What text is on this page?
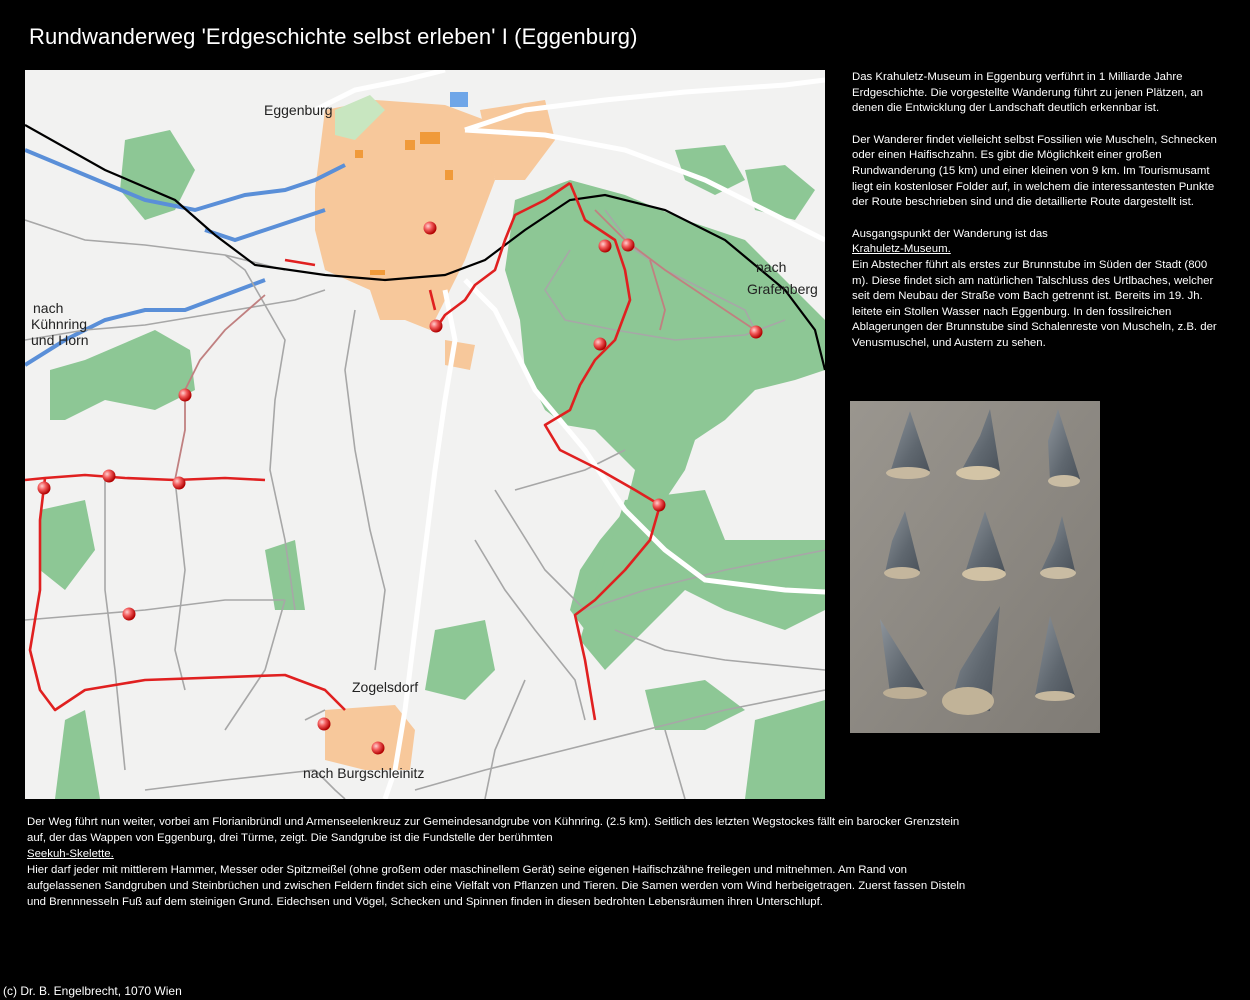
Rundwanderweg 'Erdgeschichte selbst erleben' I (Eggenburg)
Eggenburg
nach
Kühnring
und Horn
nach
Grafenberg
Zogelsdorf
nach Burgschleinitz

Das Krahuletz-Museum in Eggenburg verführt in 1 Milliarde Jahre Erdgeschichte. Die vorgestellte Wanderung führt zu jenen Plätzen, an denen die Entwicklung der Landschaft deutlich erkennbar ist.

Der Wanderer findet vielleicht selbst Fossilien wie Muscheln, Schnecken oder einen Haifischzahn. Es gibt die Möglichkeit einer großen Rundwanderung (15 km) und einer kleinen von 9 km. Im Tourismusamt liegt ein kostenloser Folder auf, in welchem die interessantesten Punkte der Route beschrieben sind und die detaillierte Route dargestellt ist.

Ausgangspunkt der Wanderung ist das
Krahuletz-Museum.
Ein Abstecher führt als erstes zur Brunnstube im Süden der Stadt (800 m). Diese findet sich am natürlichen Talschluss des Urtlbaches, welcher seit dem Neubau der Straße vom Bach getrennt ist. Bereits im 19. Jh. leitete ein Stollen Wasser nach Eggenburg. In den fossilreichen Ablagerungen der Brunnstube sind Schalenreste von Muscheln, z.B. der Venusmuschel, und Austern zu sehen.

Der Weg führt nun weiter, vorbei am Florianibründl und Armenseelenkreuz zur Gemeindesandgrube von Kühnring. (2.5 km). Seitlich des letzten Wegstockes fällt ein barocker Grenzstein auf, der das Wappen von Eggenburg, drei Türme, zeigt. Die Sandgrube ist die Fundstelle der berühmten

Seekuh-Skelette.

Hier darf jeder mit mittlerem Hammer, Messer oder Spitzmeißel (ohne großem oder maschinellem Gerät) seine eigenen Haifischzähne freilegen und mitnehmen. Am Rand von aufgelassenen Sandgruben und Steinbrüchen und zwischen Feldern findet sich eine Vielfalt von Pflanzen und Tieren. Die Samen werden vom Wind herbeigetragen. Zuerst fassen Disteln und Brennnesseln Fuß auf dem steinigen Grund. Eidechsen und Vögel, Schecken und Spinnen finden in diesen bedrohten Lebensräumen ihren Unterschlupf.

(c) Dr. B. Engelbrecht, 1070 Wien
